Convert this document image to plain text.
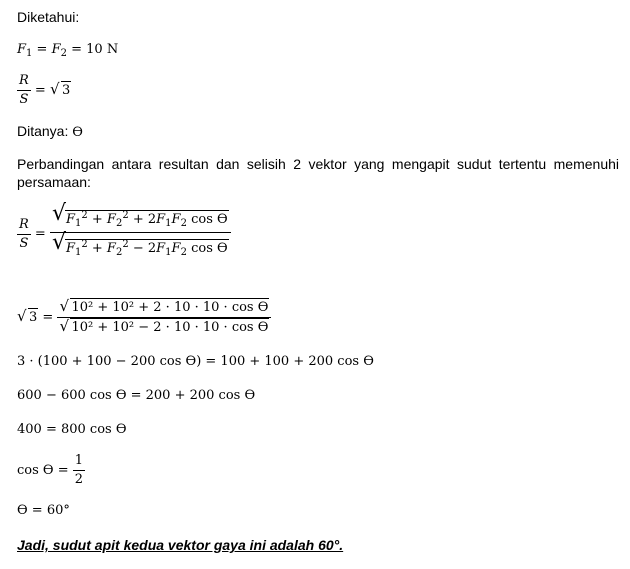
Diketahui:
$F_1 = F_2 = 10$ N
$\frac{R}{S}$ = √ 3
Ditanya: ϴ
Perbandingan antara resultan dan selisih 2 vektor yang mengapit sudut tertentu memenuhi persamaan:
$\frac{R}{S} = \frac{√ F_1^2 + F_2^2 + 2F_1F_2 \cos ϴ}{√ F_1^2 + F_2^2 - 2F_1F_2 \cos ϴ}$
√ $3 = \frac{\text{√ 10² + 10² + 2 · 10 · 10 · cos ϴ}}{\text{√ 10² + 10² − 2 · 10 · 10 · cos ϴ}}$
3 · (100 + 100 − 200 cos ϴ) = 100 + 100 + 200 cos ϴ
600 − 600 cos ϴ = 200 + 200 cos ϴ
400 = 800 cos ϴ
$\cos ϴ = \frac{1}{2}$
ϴ = 60°
Jadi, sudut apit kedua vektor gaya ini adalah 60°.
